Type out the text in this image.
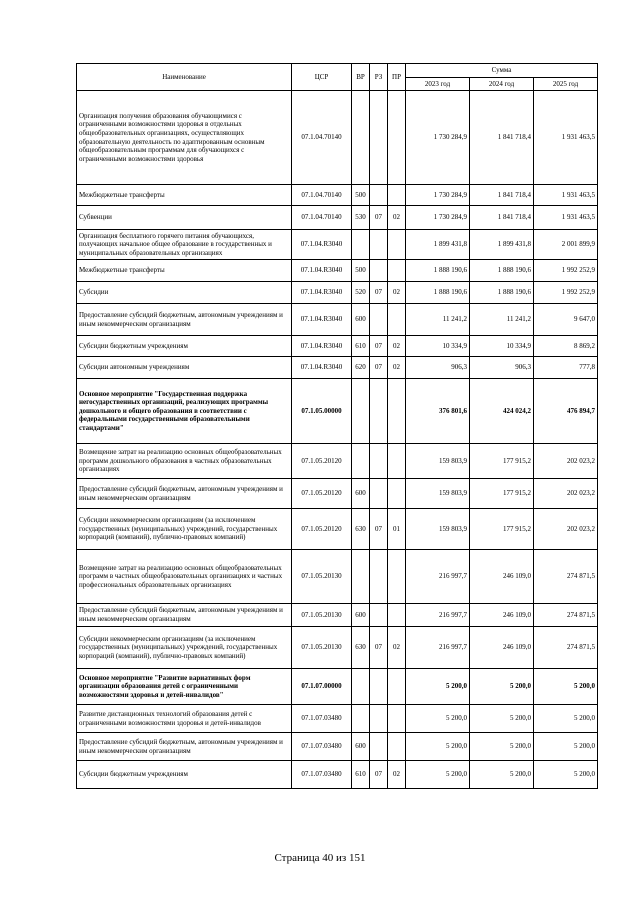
Наименование	ЦСР	ВР	РЗ	ПР	Сумма		
					2023 год	2024 год	2025 год
Организация получения образования обучающимися с ограниченными возможностями здоровья в отдельных общеобразовательных организациях, осуществляющих образовательную деятельность по адаптированным основным общеобразовательным программам для обучающихся с ограниченными возможностями здоровья	07.1.04.70140				1 730 284,9	1 841 718,4	1 931 463,5
Межбюджетные трансферты	07.1.04.70140	500			1 730 284,9	1 841 718,4	1 931 463,5
Субвенции	07.1.04.70140	530	07	02	1 730 284,9	1 841 718,4	1 931 463,5
Организация бесплатного горячего питания обучающихся, получающих начальное общее образование в государственных и муниципальных образовательных организациях	07.1.04.R3040				1 899 431,8	1 899 431,8	2 001 899,9
Межбюджетные трансферты	07.1.04.R3040	500			1 888 190,6	1 888 190,6	1 992 252,9
Субсидии	07.1.04.R3040	520	07	02	1 888 190,6	1 888 190,6	1 992 252,9
Предоставление субсидий бюджетным, автономным учреждениям и иным некоммерческим организациям	07.1.04.R3040	600			11 241,2	11 241,2	9 647,0
Субсидии бюджетным учреждениям	07.1.04.R3040	610	07	02	10 334,9	10 334,9	8 869,2
Субсидии автономным учреждениям	07.1.04.R3040	620	07	02	906,3	906,3	777,8
Основное мероприятие "Государственная поддержка негосударственных организаций, реализующих программы дошкольного и общего образования в соответствии с федеральными государственными образовательными стандартами"	07.1.05.00000				376 801,6	424 024,2	476 894,7
Возмещение затрат на реализацию основных общеобразовательных программ дошкольного образования в частных образовательных организациях	07.1.05.20120				159 803,9	177 915,2	202 023,2
Предоставление субсидий бюджетным, автономным учреждениям и иным некоммерческим организациям	07.1.05.20120	600			159 803,9	177 915,2	202 023,2
Субсидии некоммерческим организациям (за исключением государственных (муниципальных) учреждений, государственных корпораций (компаний), публично-правовых компаний)	07.1.05.20120	630	07	01	159 803,9	177 915,2	202 023,2
Возмещение затрат на реализацию основных общеобразовательных программ в частных общеобразовательных организациях и частных профессиональных образовательных организациях	07.1.05.20130				216 997,7	246 109,0	274 871,5
Предоставление субсидий бюджетным, автономным учреждениям и иным некоммерческим организациям	07.1.05.20130	600			216 997,7	246 109,0	274 871,5
Субсидии некоммерческим организациям (за исключением государственных (муниципальных) учреждений, государственных корпораций (компаний), публично-правовых компаний)	07.1.05.20130	630	07	02	216 997,7	246 109,0	274 871,5
Основное мероприятие "Развитие вариативных форм организации образования детей с ограниченными возможностями здоровья и детей-инвалидов"	07.1.07.00000				5 200,0	5 200,0	5 200,0
Развитие дистанционных технологий образования детей с ограниченными возможностями здоровья и детей-инвалидов	07.1.07.03480				5 200,0	5 200,0	5 200,0
Предоставление субсидий бюджетным, автономным учреждениям и иным некоммерческим организациям	07.1.07.03480	600			5 200,0	5 200,0	5 200,0
Субсидии бюджетным учреждениям	07.1.07.03480	610	07	02	5 200,0	5 200,0	5 200,0
Страница 40 из 151
